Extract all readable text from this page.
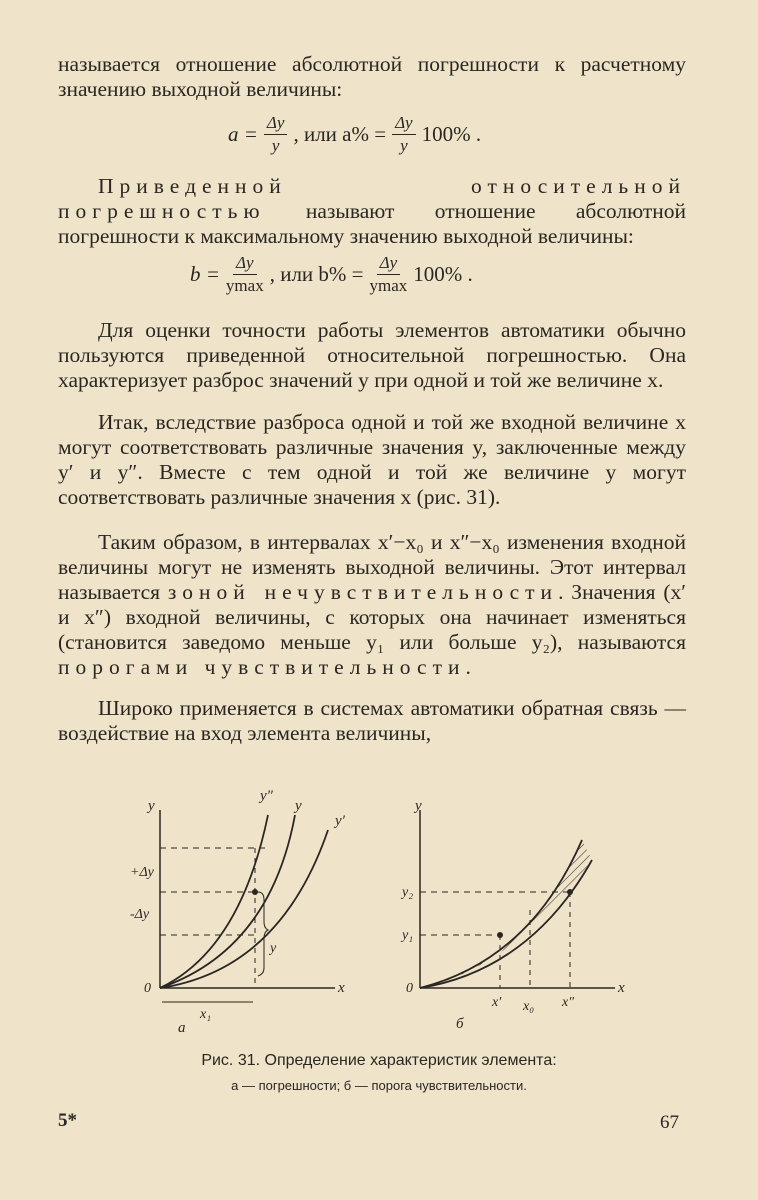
называется отношение абсолютной погрешности к расчетному значению выходной величины:

$a = \frac{\Delta y}{y}$ , или $a\% = \frac{\Delta y}{y} 100\%$ .

Приведенной относительной погрешностью называют отношение абсолютной погрешности к максимальному значению выходной величины:

$b = \frac{\Delta y}{ymax}$ , или $b\% = \frac{\Delta y}{ymax} 100\%$ .

Для оценки точности работы элементов автоматики обычно пользуются приведенной относительной погрешностью. Она характеризует разброс значений y при одной и той же величине x.

Итак, вследствие разброса одной и той же входной величине x могут соответствовать различные значения y, заключенные между y′ и y″. Вместе с тем одной и той же величине y могут соответствовать различные значения x (рис. 31).

Таким образом, в интервалах x′−x₀ и x″−x₀ изменения входной величины могут не изменять выходной величины. Этот интервал называется зоной нечувствительности. Значения (x′ и x″) входной величины, с которых она начинает изменяться (становится заведомо меньше y₁ или больше y₂), называются порогами чувствительности.

Широко применяется в системах автоматики обратная связь — воздействие на вход элемента величины,

y
y″
y
y′
+Δy
-Δy
y
0	x
x₁
a
y
y₂
y₁
0	x
x′ x₀ x″
б
Рис. 31. Определение характеристик элемента:
а — погрешности; б — порога чувствительности.
5*	67
